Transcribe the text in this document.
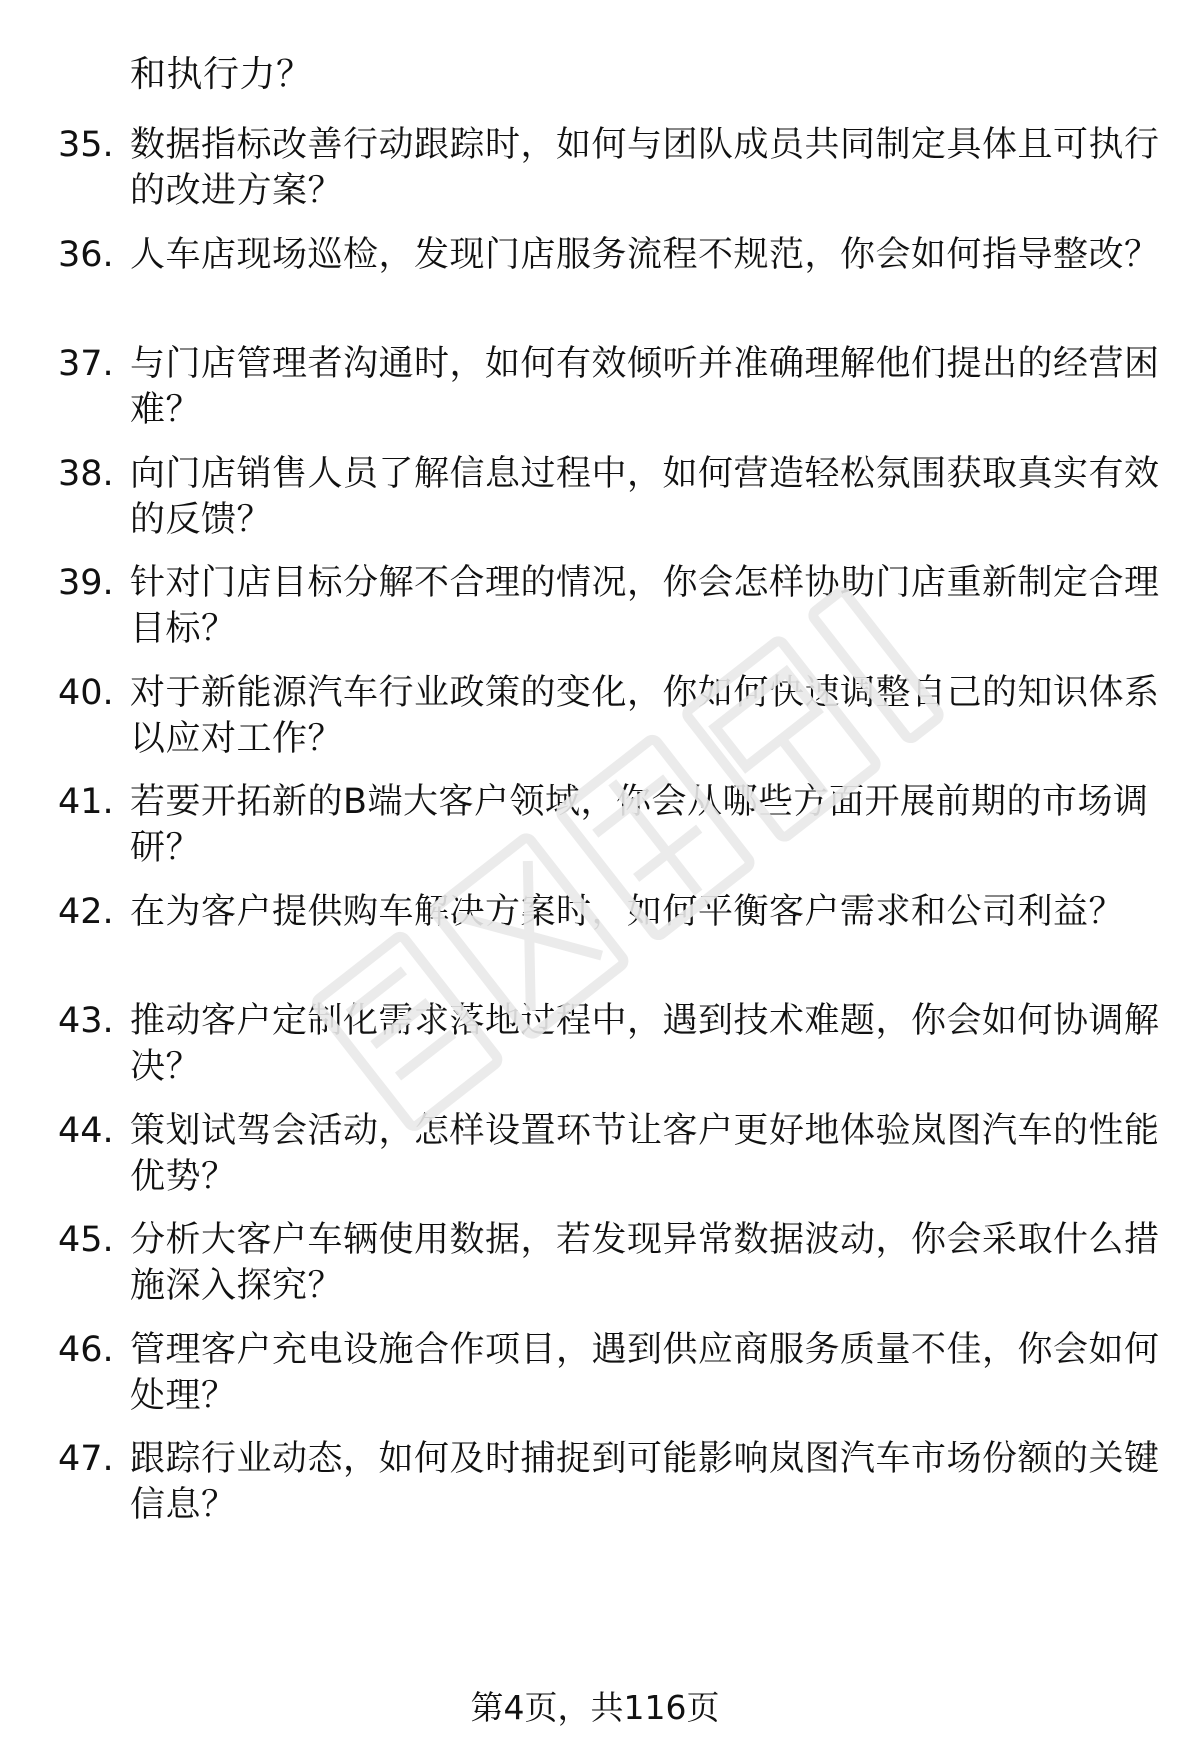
和执行力？
35. 数据指标改善行动跟踪时，如何与团队成员共同制定具体且可执行的改进方案？
36. 人车店现场巡检，发现门店服务流程不规范，你会如何指导整改？
37. 与门店管理者沟通时，如何有效倾听并准确理解他们提出的经营困难？
38. 向门店销售人员了解信息过程中，如何营造轻松氛围获取真实有效的反馈？
39. 针对门店目标分解不合理的情况，你会怎样协助门店重新制定合理目标？
40. 对于新能源汽车行业政策的变化，你如何快速调整自己的知识体系以应对工作？
41. 若要开拓新的B端大客户领域，你会从哪些方面开展前期的市场调研？
42. 在为客户提供购车解决方案时，如何平衡客户需求和公司利益？
43. 推动客户定制化需求落地过程中，遇到技术难题，你会如何协调解决？
44. 策划试驾会活动，怎样设置环节让客户更好地体验岚图汽车的性能优势？
45. 分析大客户车辆使用数据，若发现异常数据波动，你会采取什么措施深入探究？
46. 管理客户充电设施合作项目，遇到供应商服务质量不佳，你会如何处理？
47. 跟踪行业动态，如何及时捕捉到可能影响岚图汽车市场份额的关键信息？
第4页，共116页
